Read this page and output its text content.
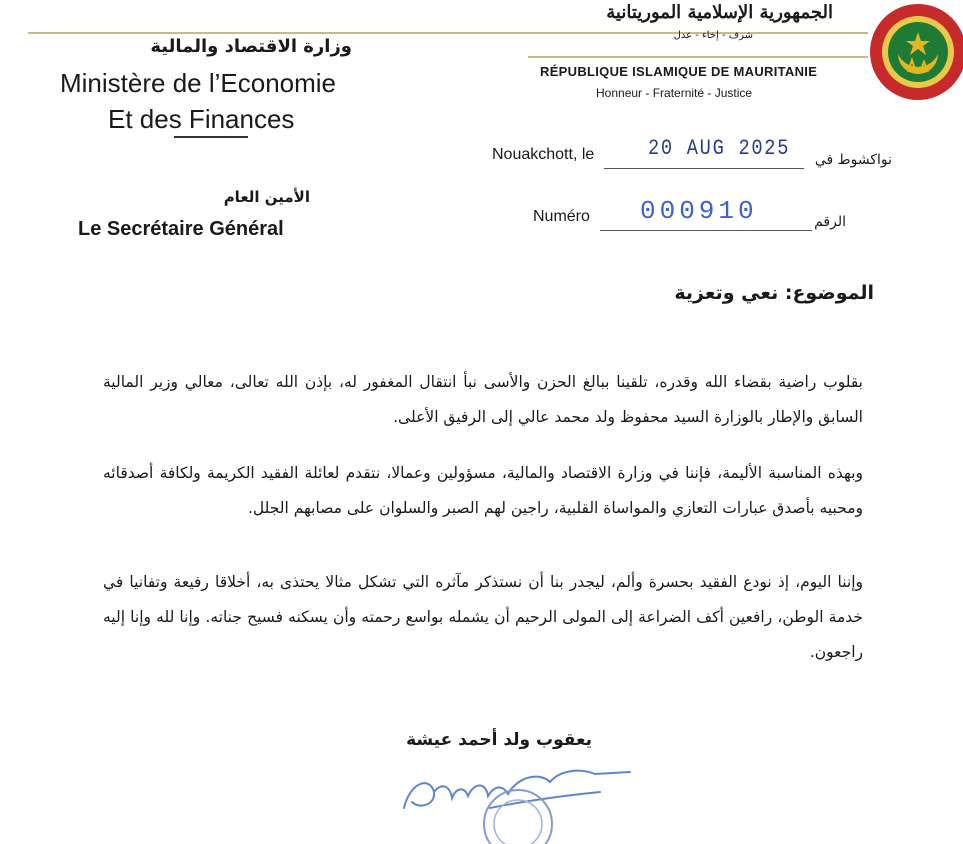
الجمهورية الإسلامية الموريتانية
شرف - إخاء - عدل
RÉPUBLIQUE ISLAMIQUE DE MAURITANIE
Honneur - Fraternité - Justice
وزارة الاقتصاد والمالية
Ministère de l’Economie
Et des Finances
الأمين العام
Le Secrétaire Général
Nouakchott, le 20 AUG 2025	نواكشوط في
Numéro 000910	الرقم
الموضوع: نعي وتعزية
بقلوب راضية بقضاء الله وقدره، تلقينا ببالغ الحزن والأسى نبأ انتقال المغفور له، بإذن الله تعالى، معالي وزير المالية السابق والإطار بالوزارة السيد محفوظ ولد محمد عالي إلى الرفيق الأعلى.
وبهذه المناسبة الأليمة، فإننا في وزارة الاقتصاد والمالية، مسؤولين وعمالا، نتقدم لعائلة الفقيد الكريمة ولكافة أصدقائه ومحبيه بأصدق عبارات التعازي والمواساة القلبية، راجين لهم الصبر والسلوان على مصابهم الجلل.
وإننا اليوم، إذ نودع الفقيد بحسرة وألم، ليجدر بنا أن نستذكر مآثره التي تشكل مثالا يحتذى به، أخلاقا رفيعة وتفانيا في خدمة الوطن، رافعين أكف الضراعة إلى المولى الرحيم أن يشمله بواسع رحمته وأن يسكنه فسيح جناته. وإنا لله وإنا إليه راجعون.
يعقوب ولد أحمد عيشة
